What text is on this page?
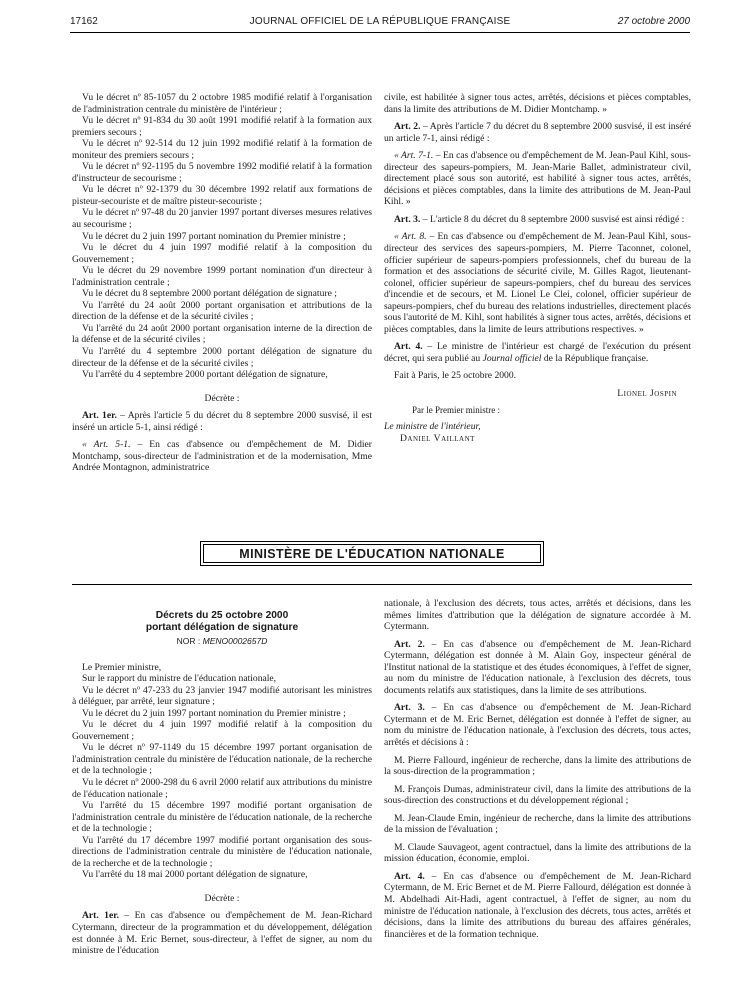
17162	JOURNAL OFFICIEL DE LA RÉPUBLIQUE FRANÇAISE	27 octobre 2000

Vu le décret nº 85-1057 du 2 octobre 1985 modifié relatif à l'organisation de l'administration centrale du ministère de l'intérieur ;

Vu le décret nº 91-834 du 30 août 1991 modifié relatif à la formation aux premiers secours ;

Vu le décret nº 92-514 du 12 juin 1992 modifié relatif à la formation de moniteur des premiers secours ;

Vu le décret nº 92-1195 du 5 novembre 1992 modifié relatif à la formation d'instructeur de secourisme ;

Vu le décret nº 92-1379 du 30 décembre 1992 relatif aux formations de pisteur-secouriste et de maître pisteur-secouriste ;

Vu le décret nº 97-48 du 20 janvier 1997 portant diverses mesures relatives au secourisme ;

Vu le décret du 2 juin 1997 portant nomination du Premier ministre ;

Vu le décret du 4 juin 1997 modifié relatif à la composition du Gouvernement ;

Vu le décret du 29 novembre 1999 portant nomination d'un directeur à l'administration centrale ;

Vu le décret du 8 septembre 2000 portant délégation de signature ;

Vu l'arrêté du 24 août 2000 portant organisation et attributions de la direction de la défense et de la sécurité civiles ;

Vu l'arrêté du 24 août 2000 portant organisation interne de la direction de la défense et de la sécurité civiles ;

Vu l'arrêté du 4 septembre 2000 portant délégation de signature du directeur de la défense et de la sécurité civiles ;

Vu l'arrêté du 4 septembre 2000 portant délégation de signature,

Décrète :

Art. 1er. – Après l'article 5 du décret du 8 septembre 2000 susvisé, il est inséré un article 5-1, ainsi rédigé :

« Art. 5-1. – En cas d'absence ou d'empêchement de M. Didier Montchamp, sous-directeur de l'administration et de la modernisation, Mme Andrée Montagnon, administratrice

civile, est habilitée à signer tous actes, arrêtés, décisions et pièces comptables, dans la limite des attributions de M. Didier Montchamp. »

Art. 2. – Après l'article 7 du décret du 8 septembre 2000 susvisé, il est inséré un article 7-1, ainsi rédigé :

« Art. 7-1. – En cas d'absence ou d'empêchement de M. Jean-Paul Kihl, sous-directeur des sapeurs-pompiers, M. Jean-Marie Ballet, administrateur civil, directement placé sous son autorité, est habilité à signer tous actes, arrêtés, décisions et pièces comptables, dans la limite des attributions de M. Jean-Paul Kihl. »

Art. 3. – L'article 8 du décret du 8 septembre 2000 susvisé est ainsi rédigé :

« Art. 8. – En cas d'absence ou d'empêchement de M. Jean-Paul Kihl, sous-directeur des services des sapeurs-pompiers, M. Pierre Taconnet, colonel, officier supérieur de sapeurs-pompiers professionnels, chef du bureau de la formation et des associations de sécurité civile, M. Gilles Ragot, lieutenant-colonel, officier supérieur de sapeurs-pompiers, chef du bureau des services d'incendie et de secours, et M. Lionel Le Clei, colonel, officier supérieur de sapeurs-pompiers, chef du bureau des relations industrielles, directement placés sous l'autorité de M. Kihl, sont habilités à signer tous actes, arrêtés, décisions et pièces comptables, dans la limite de leurs attributions respectives. »

Art. 4. – Le ministre de l'intérieur est chargé de l'exécution du présent décret, qui sera publié au Journal officiel de la République française.

Fait à Paris, le 25 octobre 2000.

Lionel Jospin

Par le Premier ministre :

Le ministre de l'intérieur,

Daniel Vaillant

MINISTÈRE DE L'ÉDUCATION NATIONALE

Décrets du 25 octobre 2000

portant délégation de signature

NOR : MENO0002657D

Le Premier ministre,

Sur le rapport du ministre de l'éducation nationale,

Vu le décret nº 47-233 du 23 janvier 1947 modifié autorisant les ministres à déléguer, par arrêté, leur signature ;

Vu le décret du 2 juin 1997 portant nomination du Premier ministre ;

Vu le décret du 4 juin 1997 modifié relatif à la composition du Gouvernement ;

Vu le décret nº 97-1149 du 15 décembre 1997 portant organisation de l'administration centrale du ministère de l'éducation nationale, de la recherche et de la technologie ;

Vu le décret nº 2000-298 du 6 avril 2000 relatif aux attributions du ministre de l'éducation nationale ;

Vu l'arrêté du 15 décembre 1997 modifié portant organisation de l'administration centrale du ministère de l'éducation nationale, de la recherche et de la technologie ;

Vu l'arrêté du 17 décembre 1997 modifié portant organisation des sous-directions de l'administration centrale du ministère de l'éducation nationale, de la recherche et de la technologie ;

Vu l'arrêté du 18 mai 2000 portant délégation de signature,

Décrète :

Art. 1er. – En cas d'absence ou d'empêchement de M. Jean-Richard Cytermann, directeur de la programmation et du développement, délégation est donnée à M. Eric Bernet, sous-directeur, à l'effet de signer, au nom du ministre de l'éducation

nationale, à l'exclusion des décrets, tous actes, arrêtés et décisions, dans les mêmes limites d'attribution que la délégation de signature accordée à M. Cytermann.

Art. 2. – En cas d'absence ou d'empêchement de M. Jean-Richard Cytermann, délégation est donnée à M. Alain Goy, inspecteur général de l'Institut national de la statistique et des études économiques, à l'effet de signer, au nom du ministre de l'éducation nationale, à l'exclusion des décrets, tous documents relatifs aux statistiques, dans la limite de ses attributions.

Art. 3. – En cas d'absence ou d'empêchement de M. Jean-Richard Cytermann et de M. Eric Bernet, délégation est donnée à l'effet de signer, au nom du ministre de l'éducation nationale, à l'exclusion des décrets, tous actes, arrêtés et décisions à :

M. Pierre Fallourd, ingénieur de recherche, dans la limite des attributions de la sous-direction de la programmation ;

M. François Dumas, administrateur civil, dans la limite des attributions de la sous-direction des constructions et du développement régional ;

M. Jean-Claude Emin, ingénieur de recherche, dans la limite des attributions de la mission de l'évaluation ;

M. Claude Sauvageot, agent contractuel, dans la limite des attributions de la mission éducation, économie, emploi.

Art. 4. – En cas d'absence ou d'empêchement de M. Jean-Richard Cytermann, de M. Eric Bernet et de M. Pierre Fallourd, délégation est donnée à M. Abdelhadi Ait-Hadi, agent contractuel, à l'effet de signer, au nom du ministre de l'éducation nationale, à l'exclusion des décrets, tous actes, arrêtés et décisions, dans la limite des attributions du bureau des affaires générales, financières et de la formation technique.
